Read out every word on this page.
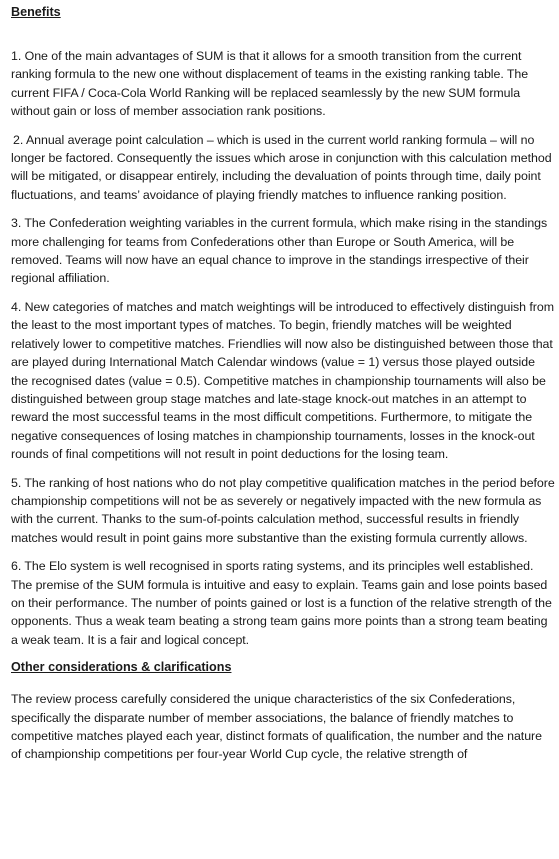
Benefits

1. One of the main advantages of SUM is that it allows for a smooth transition from the current ranking formula to the new one without displacement of teams in the existing ranking table. The current FIFA / Coca-Cola World Ranking will be replaced seamlessly by the new SUM formula without gain or loss of member association rank positions.

2. Annual average point calculation – which is used in the current world ranking formula – will no longer be factored. Consequently the issues which arose in conjunction with this calculation method will be mitigated, or disappear entirely, including the devaluation of points through time, daily point fluctuations, and teams’ avoidance of playing friendly matches to influence ranking position.

3. The Confederation weighting variables in the current formula, which make rising in the standings more challenging for teams from Confederations other than Europe or South America, will be removed. Teams will now have an equal chance to improve in the standings irrespective of their regional affiliation.

4. New categories of matches and match weightings will be introduced to effectively distinguish from the least to the most important types of matches. To begin, friendly matches will be weighted relatively lower to competitive matches. Friendlies will now also be distinguished between those that are played during International Match Calendar windows (value = 1) versus those played outside the recognised dates (value = 0.5). Competitive matches in championship tournaments will also be distinguished between group stage matches and late-stage knock-out matches in an attempt to reward the most successful teams in the most difficult competitions. Furthermore, to mitigate the negative consequences of losing matches in championship tournaments, losses in the knock-out rounds of final competitions will not result in point deductions for the losing team.

5. The ranking of host nations who do not play competitive qualification matches in the period before championship competitions will not be as severely or negatively impacted with the new formula as with the current. Thanks to the sum-of-points calculation method, successful results in friendly matches would result in point gains more substantive than the existing formula currently allows.

6. The Elo system is well recognised in sports rating systems, and its principles well established. The premise of the SUM formula is intuitive and easy to explain. Teams gain and lose points based on their performance. The number of points gained or lost is a function of the relative strength of the opponents. Thus a weak team beating a strong team gains more points than a strong team beating a weak team. It is a fair and logical concept.

Other considerations & clarifications

The review process carefully considered the unique characteristics of the six Confederations, specifically the disparate number of member associations, the balance of friendly matches to competitive matches played each year, distinct formats of qualification, the number and the nature of championship competitions per four-year World Cup cycle, the relative strength of
